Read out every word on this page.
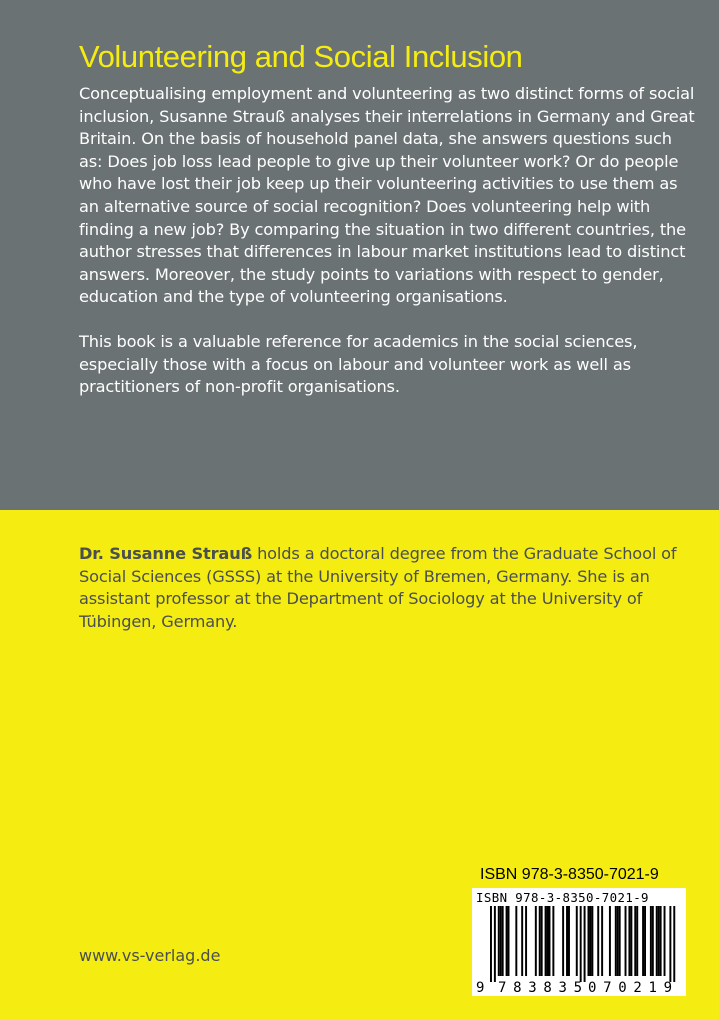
Volunteering and Social Inclusion

Conceptualising employment and volunteering as two distinct forms of social inclusion, Susanne Strauß analyses their interrelations in Germany and Great Britain. On the basis of household panel data, she answers questions such as: Does job loss lead people to give up their volunteer work? Or do people who have lost their job keep up their volunteering activities to use them as an alternative source of social recognition? Does volunteering help with finding a new job? By comparing the situation in two different countries, the author stresses that differences in labour market institutions lead to distinct answers. Moreover, the study points to variations with respect to gender, education and the type of volunteering organisations.

This book is a valuable reference for academics in the social sciences, especially those with a focus on labour and volunteer work as well as practitioners of non-profit organisations.

Dr. Susanne Strauß holds a doctoral degree from the Graduate School of Social Sciences (GSSS) at the University of Bremen, Germany. She is an assistant professor at the Department of Sociology at the University of Tübingen, Germany.

www.vs-verlag.de
ISBN 978-3-8350-7021-9
ISBN 978-3-8350-7021-9
9 783835 070219
